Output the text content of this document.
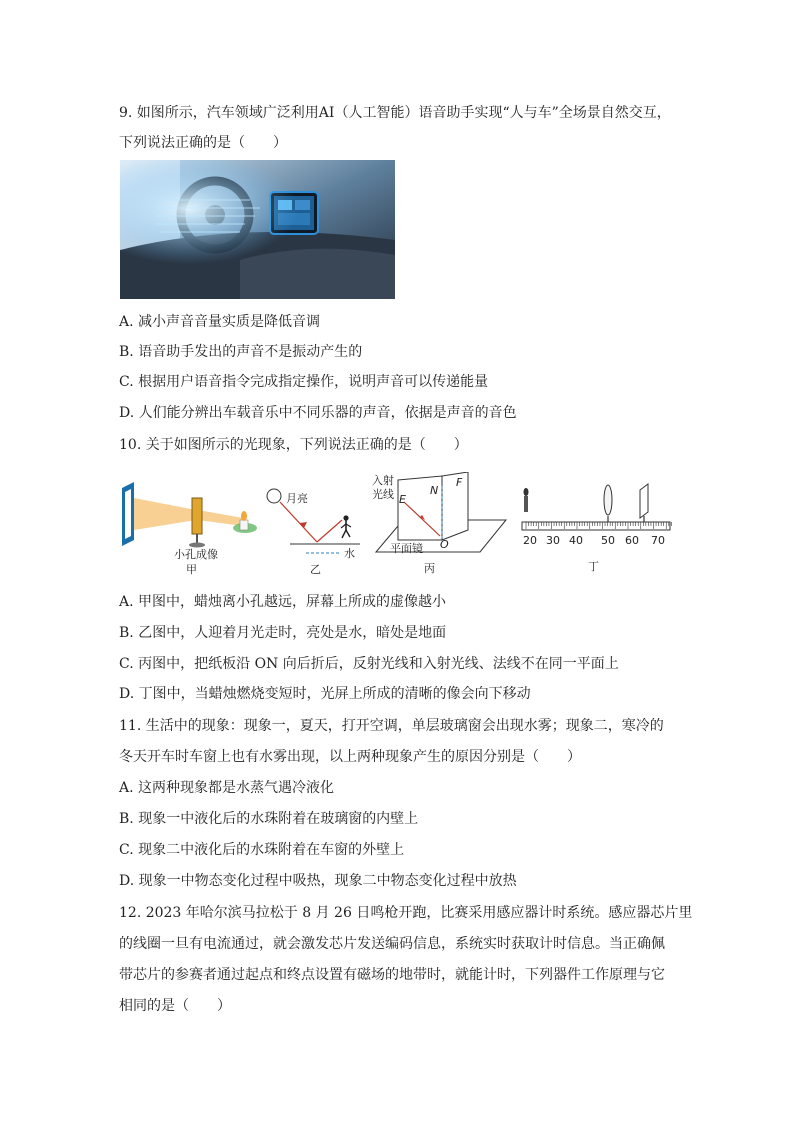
9. 如图所示，汽车领域广泛利用AI（人工智能）语音助手实现“人与车”全场景自然交互，
下列说法正确的是（　　）
A. 减小声音音量实质是降低音调
B. 语音助手发出的声音不是振动产生的
C. 根据用户语音指令完成指定操作，说明声音可以传递能量
D. 人们能分辨出车载音乐中不同乐器的声音，依据是声音的音色
10. 关于如图所示的光现象，下列说法正确的是（　　）
小孔成像
甲
月亮
水
乙
入射
光线 E
N
F
O
平面镜
丙
20 30 40 50 60 70
丁
A. 甲图中，蜡烛离小孔越远，屏幕上所成的虚像越小
B. 乙图中，人迎着月光走时，亮处是水，暗处是地面
C. 丙图中，把纸板沿 ON 向后折后，反射光线和入射光线、法线不在同一平面上
D. 丁图中，当蜡烛燃烧变短时，光屏上所成的清晰的像会向下移动
11. 生活中的现象：现象一，夏天，打开空调，单层玻璃窗会出现水雾；现象二，寒冷的
冬天开车时车窗上也有水雾出现，以上两种现象产生的原因分别是（　　）
A. 这两种现象都是水蒸气遇冷液化
B. 现象一中液化后的水珠附着在玻璃窗的内壁上
C. 现象二中液化后的水珠附着在车窗的外壁上
D. 现象一中物态变化过程中吸热，现象二中物态变化过程中放热
12. 2023 年哈尔滨马拉松于 8 月 26 日鸣枪开跑，比赛采用感应器计时系统。感应器芯片里
的线圈一旦有电流通过，就会激发芯片发送编码信息，系统实时获取计时信息。当正确佩
带芯片的参赛者通过起点和终点设置有磁场的地带时，就能计时，下列器件工作原理与它
相同的是（　　）
